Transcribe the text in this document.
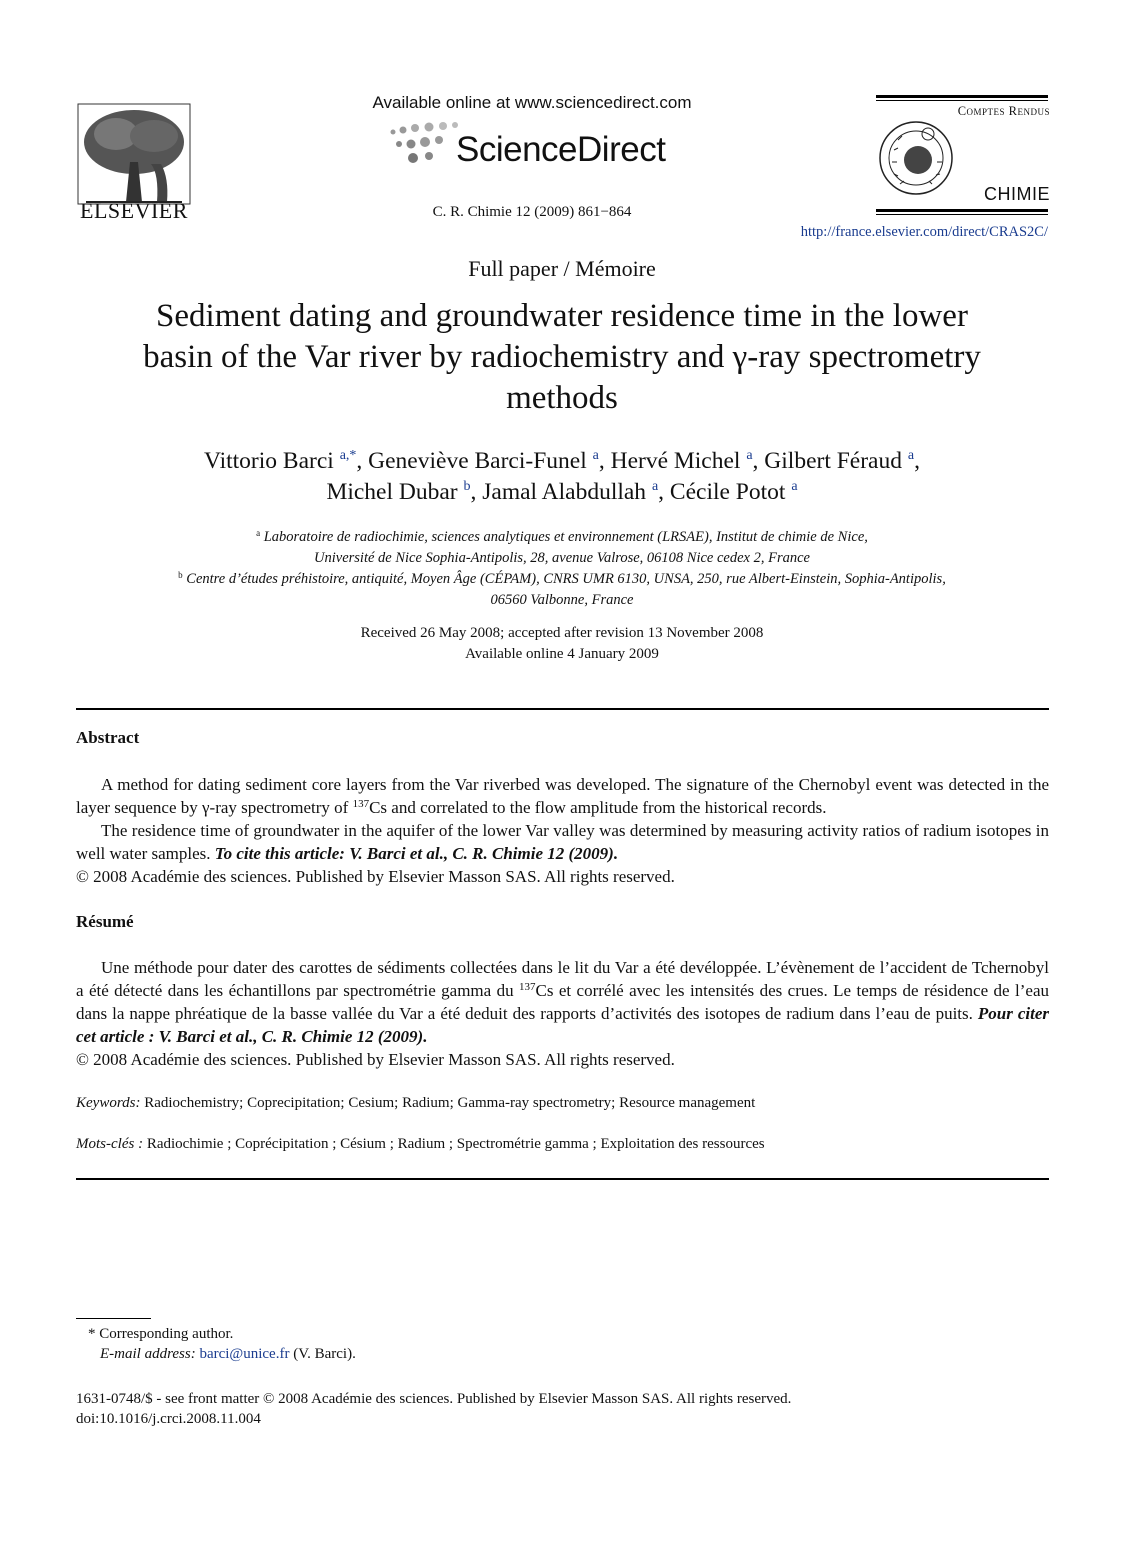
ELSEVIER
Available online at www.sciencedirect.com
ScienceDirect
C. R. Chimie 12 (2009) 861−864
Comptes Rendus
CHIMIE
http://france.elsevier.com/direct/CRAS2C/
Full paper / Mémoire
Sediment dating and groundwater residence time in the lower
basin of the Var river by radiochemistry and γ-ray spectrometry
methods
Vittorio Barci $^{a,*}$, Geneviève Barci-Funel $^a$, Hervé Michel $^a$, Gilbert Féraud $^a$,
Michel Dubar $^b$, Jamal Alabdullah $^a$, Cécile Potot $^a$
$^a$ Laboratoire de radiochimie, sciences analytiques et environnement (LRSAE), Institut de chimie de Nice,
Université de Nice Sophia-Antipolis, 28, avenue Valrose, 06108 Nice cedex 2, France
$^b$ Centre d’études préhistoire, antiquité, Moyen Âge (CÉPAM), CNRS UMR 6130, UNSA, 250, rue Albert-Einstein, Sophia-Antipolis,
06560 Valbonne, France
Received 26 May 2008; accepted after revision 13 November 2008
Available online 4 January 2009
Abstract

A method for dating sediment core layers from the Var riverbed was developed. The signature of the Chernobyl event was detected in the layer sequence by γ-ray spectrometry of $^{137}$Cs and correlated to the flow amplitude from the historical records.

The residence time of groundwater in the aquifer of the lower Var valley was determined by measuring activity ratios of radium isotopes in well water samples. To cite this article: V. Barci et al., C. R. Chimie 12 (2009).

© 2008 Académie des sciences. Published by Elsevier Masson SAS. All rights reserved.

Résumé

Une méthode pour dater des carottes de sédiments collectées dans le lit du Var a été devéloppée. L’évènement de l’accident de Tchernobyl a été détecté dans les échantillons par spectrométrie gamma du $^{137}$Cs et corrélé avec les intensités des crues. Le temps de résidence de l’eau dans la nappe phréatique de la basse vallée du Var a été deduit des rapports d’activités des isotopes de radium dans l’eau de puits. Pour citer cet article : V. Barci et al., C. R. Chimie 12 (2009).

© 2008 Académie des sciences. Published by Elsevier Masson SAS. All rights reserved.

Keywords: Radiochemistry; Coprecipitation; Cesium; Radium; Gamma-ray spectrometry; Resource management
Mots-clés : Radiochimie ; Coprécipitation ; Césium ; Radium ; Spectrométrie gamma ; Exploitation des ressources
* Corresponding author.
E-mail address: barci@unice.fr (V. Barci).
1631-0748/$ - see front matter © 2008 Académie des sciences. Published by Elsevier Masson SAS. All rights reserved.
doi:10.1016/j.crci.2008.11.004
